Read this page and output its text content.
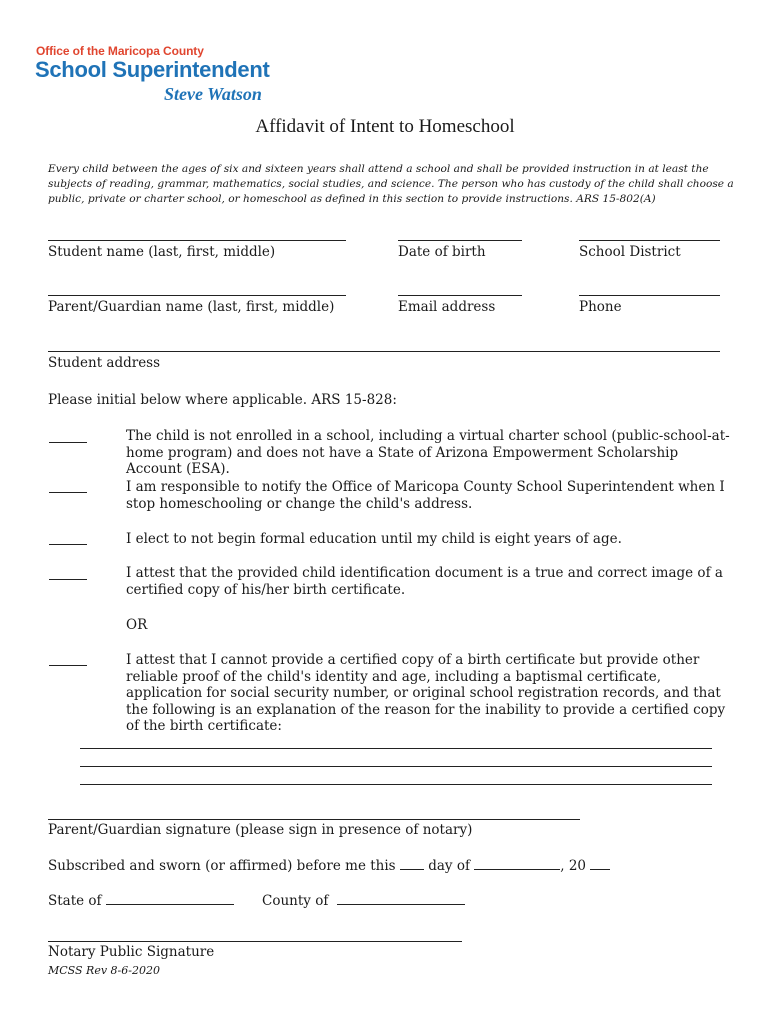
Office of the Maricopa County
School Superintendent
Steve Watson
Affidavit of Intent to Homeschool
Every child between the ages of six and sixteen years shall attend a school and shall be provided instruction in at least the subjects of reading, grammar, mathematics, social studies, and science. The person who has custody of the child shall choose a public, private or charter school, or homeschool as defined in this section to provide instructions. ARS 15-802(A)
Student name (last, first, middle)	Date of birth	School District
Parent/Guardian name (last, first, middle)	Email address	Phone
Student address
Please initial below where applicable. ARS 15-828:
The child is not enrolled in a school, including a virtual charter school (public-school-at-home program) and does not have a State of Arizona Empowerment Scholarship Account (ESA).
I am responsible to notify the Office of Maricopa County School Superintendent when I stop homeschooling or change the child's address.
I elect to not begin formal education until my child is eight years of age.
I attest that the provided child identification document is a true and correct image of a certified copy of his/her birth certificate.
OR
I attest that I cannot provide a certified copy of a birth certificate but provide other reliable proof of the child's identity and age, including a baptismal certificate, application for social security number, or original school registration records, and that the following is an explanation of the reason for the inability to provide a certified copy of the birth certificate:
Parent/Guardian signature (please sign in presence of notary)
Subscribed and sworn (or affirmed) before me this day of	, 20
State of	County of
Notary Public Signature
MCSS Rev 8-6-2020
